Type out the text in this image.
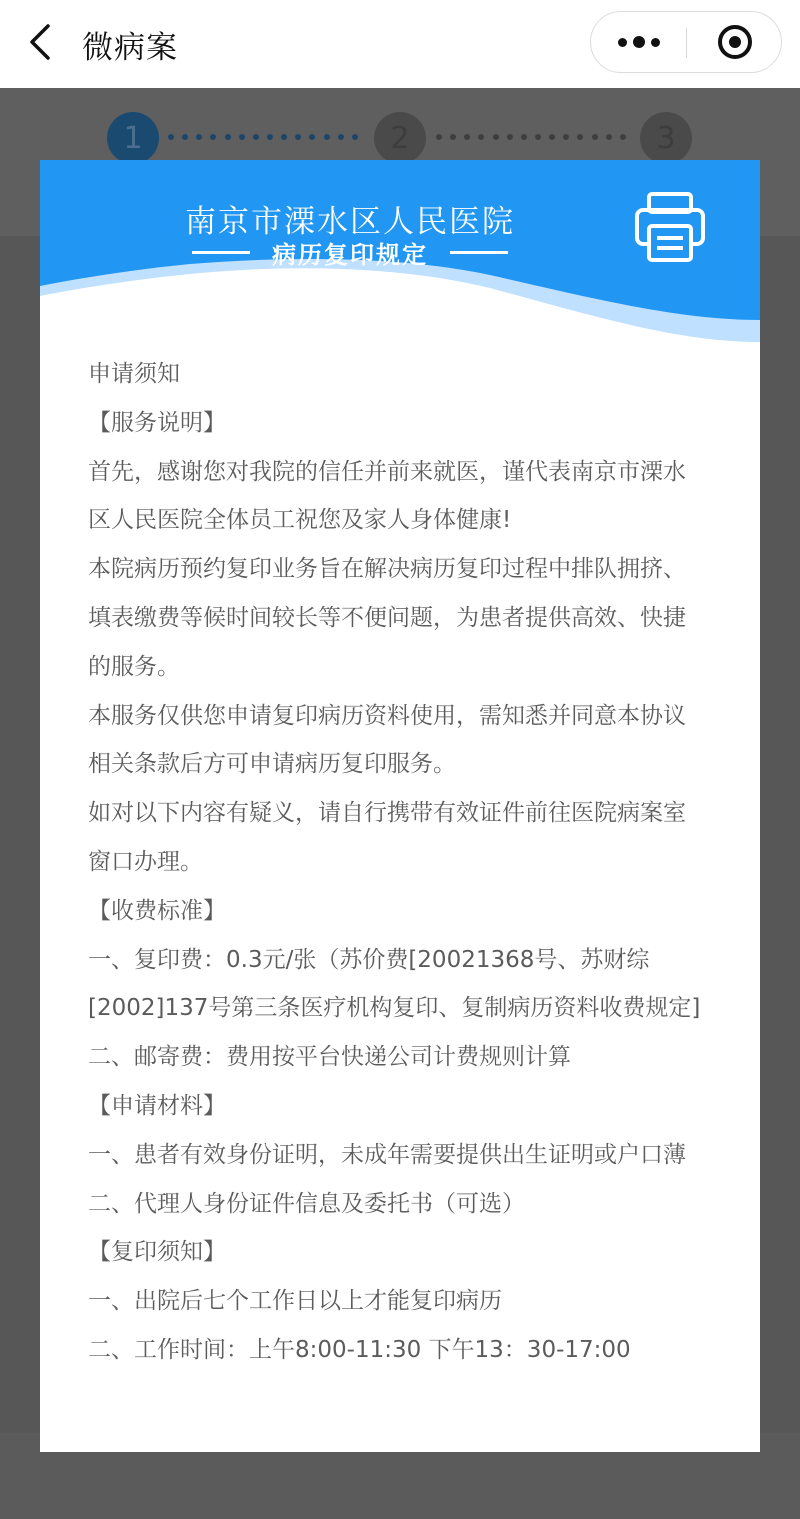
微病案
1	2	3
南京市溧水区人民医院
病历复印规定

申请须知

【服务说明】

首先，感谢您对我院的信任并前来就医，谨代表南京市溧水区人民医院全体员工祝您及家人身体健康!

本院病历预约复印业务旨在解决病历复印过程中排队拥挤、填表缴费等候时间较长等不便问题，为患者提供高效、快捷的服务。

本服务仅供您申请复印病历资料使用，需知悉并同意本协议相关条款后方可申请病历复印服务。

如对以下内容有疑义，请自行携带有效证件前往医院病案室窗口办理。

【收费标准】

一、复印费：0.3元/张（苏价费[20021368号、苏财综[2002]137号第三条医疗机构复印、复制病历资料收费规定]

二、邮寄费：费用按平台快递公司计费规则计算

【申请材料】

一、患者有效身份证明，未成年需要提供出生证明或户口薄

二、代理人身份证件信息及委托书（可选）

【复印须知】

一、出院后七个工作日以上才能复印病历

二、工作时间：上午8:00-11:30 下午13：30-17:00
